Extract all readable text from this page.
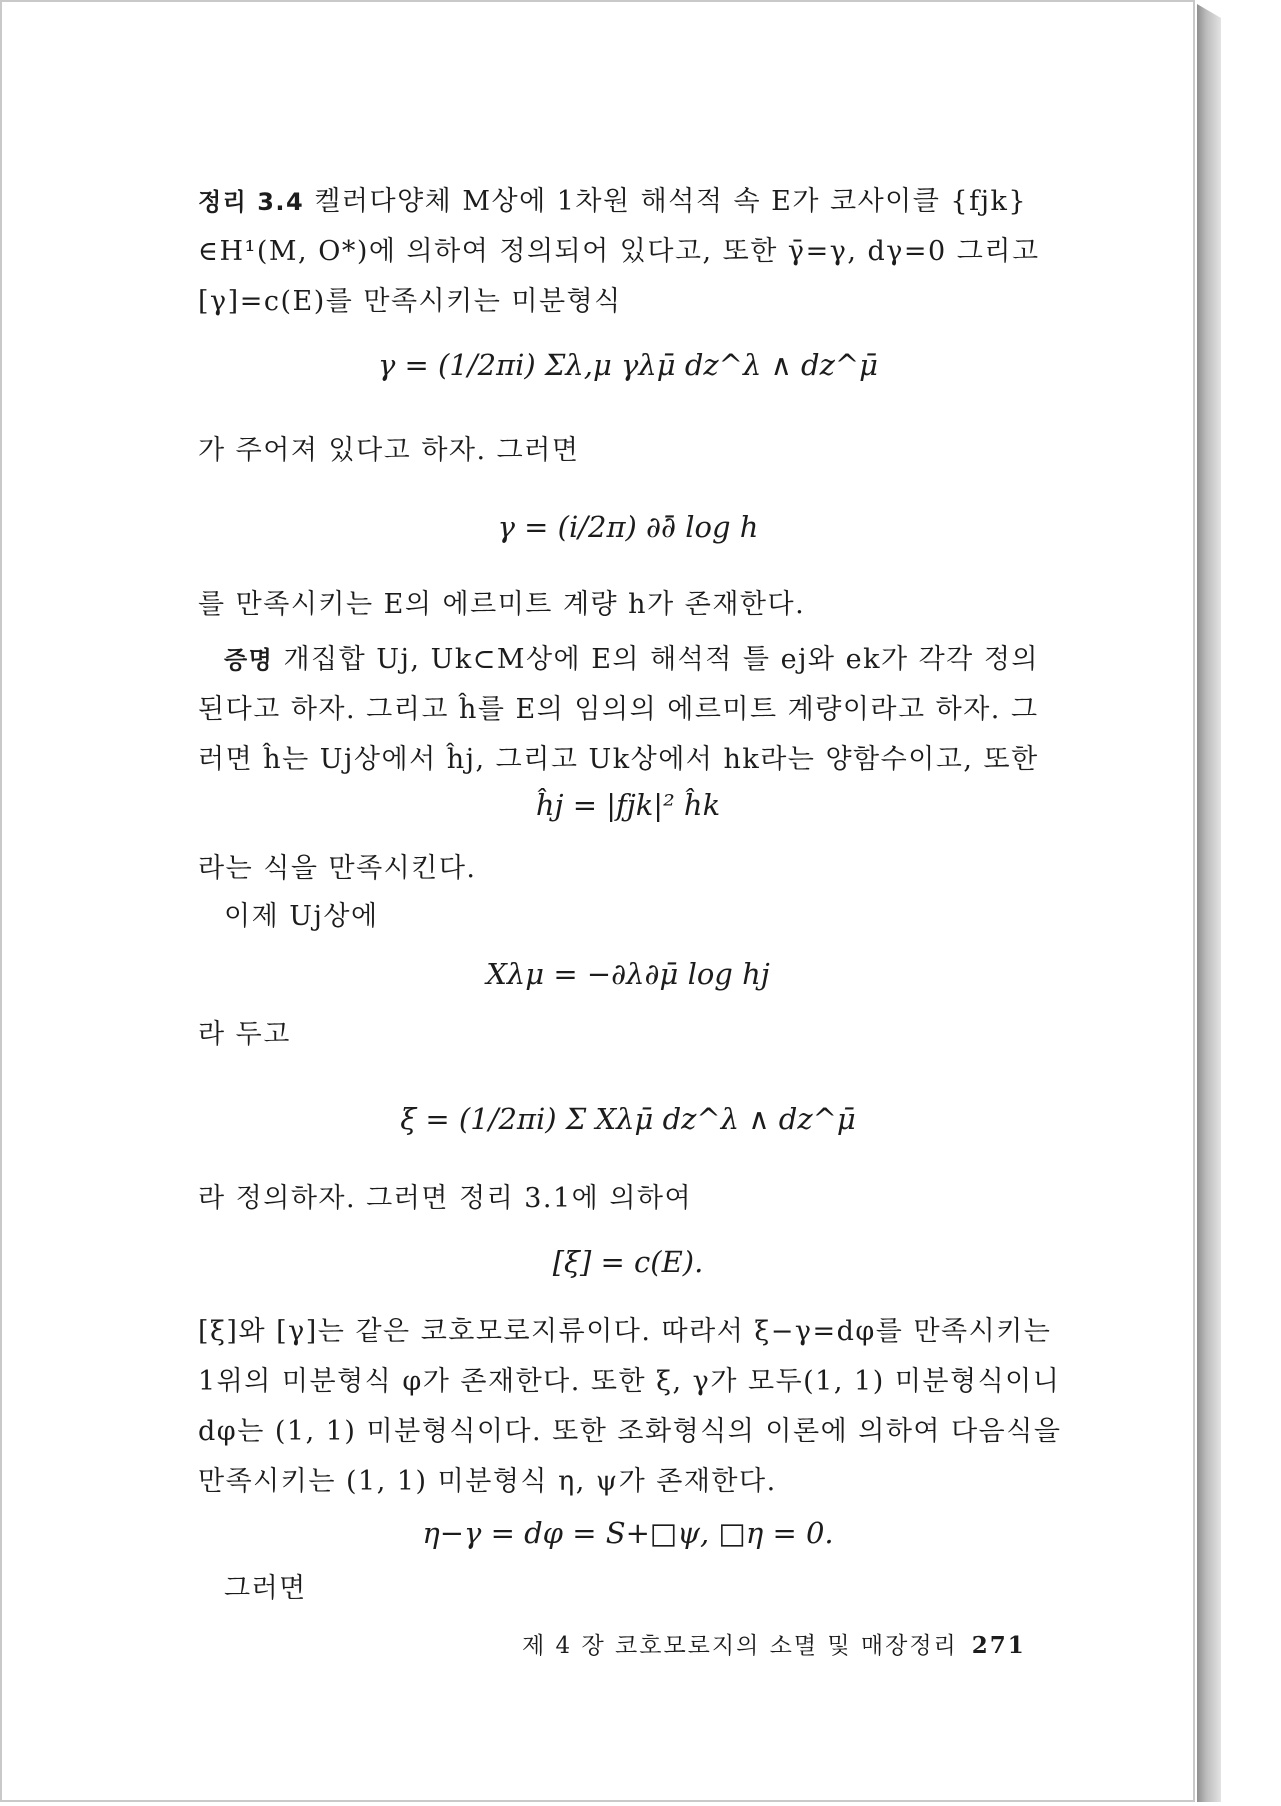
정리 3.4 켈러다양체 M상에 1차원 해석적 속 E가 코사이클 {fjk}
∈H¹(M, O*)에 의하여 정의되어 있다고, 또한 γ̄=γ, dγ=0 그리고
[γ]=c(E)를 만족시키는 미분형식
γ = (1/2πi) Σλ,μ γλμ̄ dz^λ ∧ dz^μ̄
가 주어져 있다고 하자. 그러면
γ = (i/2π) ∂∂̄ log h
를 만족시키는 E의 에르미트 계량 h가 존재한다.
증명 개집합 Uj, Uk⊂M상에 E의 해석적 틀 ej와 ek가 각각 정의
된다고 하자. 그리고 ĥ를 E의 임의의 에르미트 계량이라고 하자. 그
러면 ĥ는 Uj상에서 ĥj, 그리고 Uk상에서 hk라는 양함수이고, 또한
ĥj = |fjk|² ĥk
라는 식을 만족시킨다.
이제 Uj상에
Xλμ = −∂λ∂μ̄ log hj
라 두고
ξ = (1/2πi) Σ Xλμ̄ dz^λ ∧ dz^μ̄
라 정의하자. 그러면 정리 3.1에 의하여
[ξ] = c(E).
[ξ]와 [γ]는 같은 코호모로지류이다. 따라서 ξ−γ=dφ를 만족시키는
1위의 미분형식 φ가 존재한다. 또한 ξ, γ가 모두(1, 1) 미분형식이니
dφ는 (1, 1) 미분형식이다. 또한 조화형식의 이론에 의하여 다음식을
만족시키는 (1, 1) 미분형식 η, ψ가 존재한다.
η−γ = dφ = S+□ψ, □η = 0.
그러면
제 4 장 코호모로지의 소멸 및 매장정리 271
